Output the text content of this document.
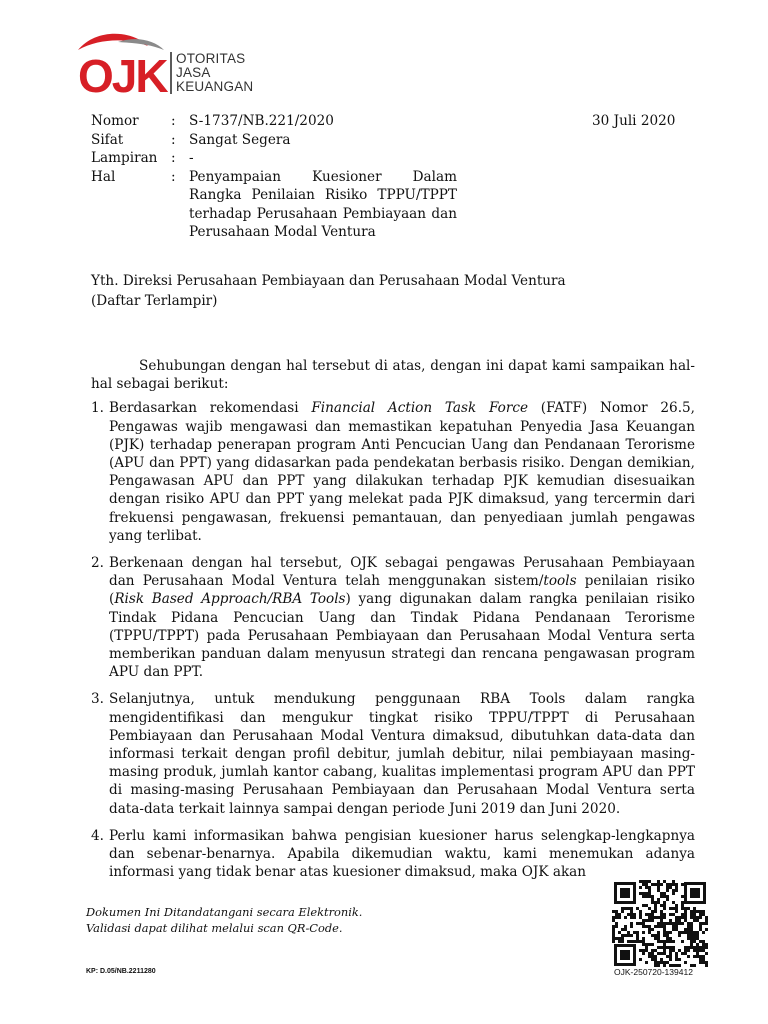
OJK OTORITAS
JASA
KEUANGAN
Nomor	: S-1737/NB.221/2020
Sifat	: Sangat Segera
Lampiran : -
Hal	: Penyampaian Kuesioner Dalam Rangka Penilaian Risiko TPPU/TPPT terhadap Perusahaan Pembiayaan dan Perusahaan Modal Ventura
30 Juli 2020
Yth. Direksi Perusahaan Pembiayaan dan Perusahaan Modal Ventura
(Daftar Terlampir)

Sehubungan dengan hal tersebut di atas, dengan ini dapat kami sampaikan hal-hal sebagai berikut:

1. Berdasarkan rekomendasi Financial Action Task Force (FATF) Nomor 26.5, Pengawas wajib mengawasi dan memastikan kepatuhan Penyedia Jasa Keuangan (PJK) terhadap penerapan program Anti Pencucian Uang dan Pendanaan Terorisme (APU dan PPT) yang didasarkan pada pendekatan berbasis risiko. Dengan demikian, Pengawasan APU dan PPT yang dilakukan terhadap PJK kemudian disesuaikan dengan risiko APU dan PPT yang melekat pada PJK dimaksud, yang tercermin dari frekuensi pengawasan, frekuensi pemantauan, dan penyediaan jumlah pengawas yang terlibat.
2. Berkenaan dengan hal tersebut, OJK sebagai pengawas Perusahaan Pembiayaan dan Perusahaan Modal Ventura telah menggunakan sistem/tools penilaian risiko (Risk Based Approach/RBA Tools) yang digunakan dalam rangka penilaian risiko Tindak Pidana Pencucian Uang dan Tindak Pidana Pendanaan Terorisme (TPPU/TPPT) pada Perusahaan Pembiayaan dan Perusahaan Modal Ventura serta memberikan panduan dalam menyusun strategi dan rencana pengawasan program APU dan PPT.
3. Selanjutnya, untuk mendukung penggunaan RBA Tools dalam rangka mengidentifikasi dan mengukur tingkat risiko TPPU/TPPT di Perusahaan Pembiayaan dan Perusahaan Modal Ventura dimaksud, dibutuhkan data-data dan informasi terkait dengan profil debitur, jumlah debitur, nilai pembiayaan masing-masing produk, jumlah kantor cabang, kualitas implementasi program APU dan PPT di masing-masing Perusahaan Pembiayaan dan Perusahaan Modal Ventura serta data-data terkait lainnya sampai dengan periode Juni 2019 dan Juni 2020.
4. Perlu kami informasikan bahwa pengisian kuesioner harus selengkap-lengkapnya dan sebenar-benarnya. Apabila dikemudian waktu, kami menemukan adanya informasi yang tidak benar atas kuesioner dimaksud, maka OJK akan
Dokumen Ini Ditandatangani secara Elektronik.
Validasi dapat dilihat melalui scan QR-Code.
KP: D.05/NB.2211280	OJK-250720-139412
